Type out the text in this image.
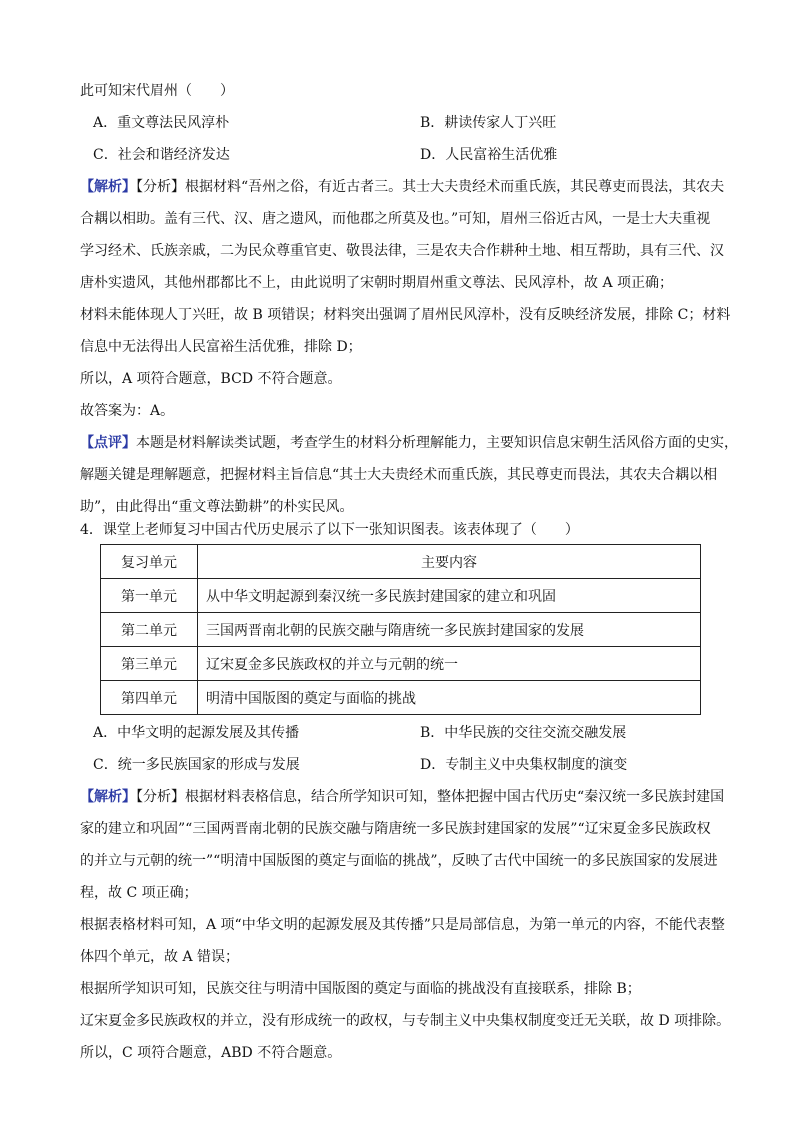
此可知宋代眉州（　　）
A．重文尊法民风淳朴	B．耕读传家人丁兴旺
C．社会和谐经济发达	D．人民富裕生活优雅
【解析】【分析】根据材料“吾州之俗，有近古者三。其士大夫贵经术而重氏族，其民尊吏而畏法，其农夫
合耦以相助。盖有三代、汉、唐之遗风，而他郡之所莫及也。”可知，眉州三俗近古风，一是士大夫重视
学习经术、氏族亲戚，二为民众尊重官吏、敬畏法律，三是农夫合作耕种土地、相互帮助，具有三代、汉
唐朴实遗风，其他州郡都比不上，由此说明了宋朝时期眉州重文尊法、民风淳朴，故 A 项正确；
材料未能体现人丁兴旺，故 B 项错误；材料突出强调了眉州民风淳朴，没有反映经济发展，排除 C；材料
信息中无法得出人民富裕生活优雅，排除 D；
所以，A 项符合题意，BCD 不符合题意。
故答案为：A。
【点评】本题是材料解读类试题，考查学生的材料分析理解能力，主要知识信息宋朝生活风俗方面的史实，
解题关键是理解题意，把握材料主旨信息“其士大夫贵经术而重氏族，其民尊吏而畏法，其农夫合耦以相
助”，由此得出“重文尊法勤耕”的朴实民风。
4．课堂上老师复习中国古代历史展示了以下一张知识图表。该表体现了（　　）
复习单元	主要内容
第一单元	从中华文明起源到秦汉统一多民族封建国家的建立和巩固
第二单元	三国两晋南北朝的民族交融与隋唐统一多民族封建国家的发展
第三单元	辽宋夏金多民族政权的并立与元朝的统一
第四单元	明清中国版图的奠定与面临的挑战
A．中华文明的起源发展及其传播	B．中华民族的交往交流交融发展
C．统一多民族国家的形成与发展	D．专制主义中央集权制度的演变
【解析】【分析】根据材料表格信息，结合所学知识可知，整体把握中国古代历史“秦汉统一多民族封建国
家的建立和巩固”“三国两晋南北朝的民族交融与隋唐统一多民族封建国家的发展”“辽宋夏金多民族政权
的并立与元朝的统一”“明清中国版图的奠定与面临的挑战”，反映了古代中国统一的多民族国家的发展进
程，故 C 项正确；
根据表格材料可知，A 项“中华文明的起源发展及其传播”只是局部信息，为第一单元的内容，不能代表整
体四个单元，故 A 错误；
根据所学知识可知，民族交往与明清中国版图的奠定与面临的挑战没有直接联系，排除 B；
辽宋夏金多民族政权的并立，没有形成统一的政权，与专制主义中央集权制度变迁无关联，故 D 项排除。
所以，C 项符合题意，ABD 不符合题意。
